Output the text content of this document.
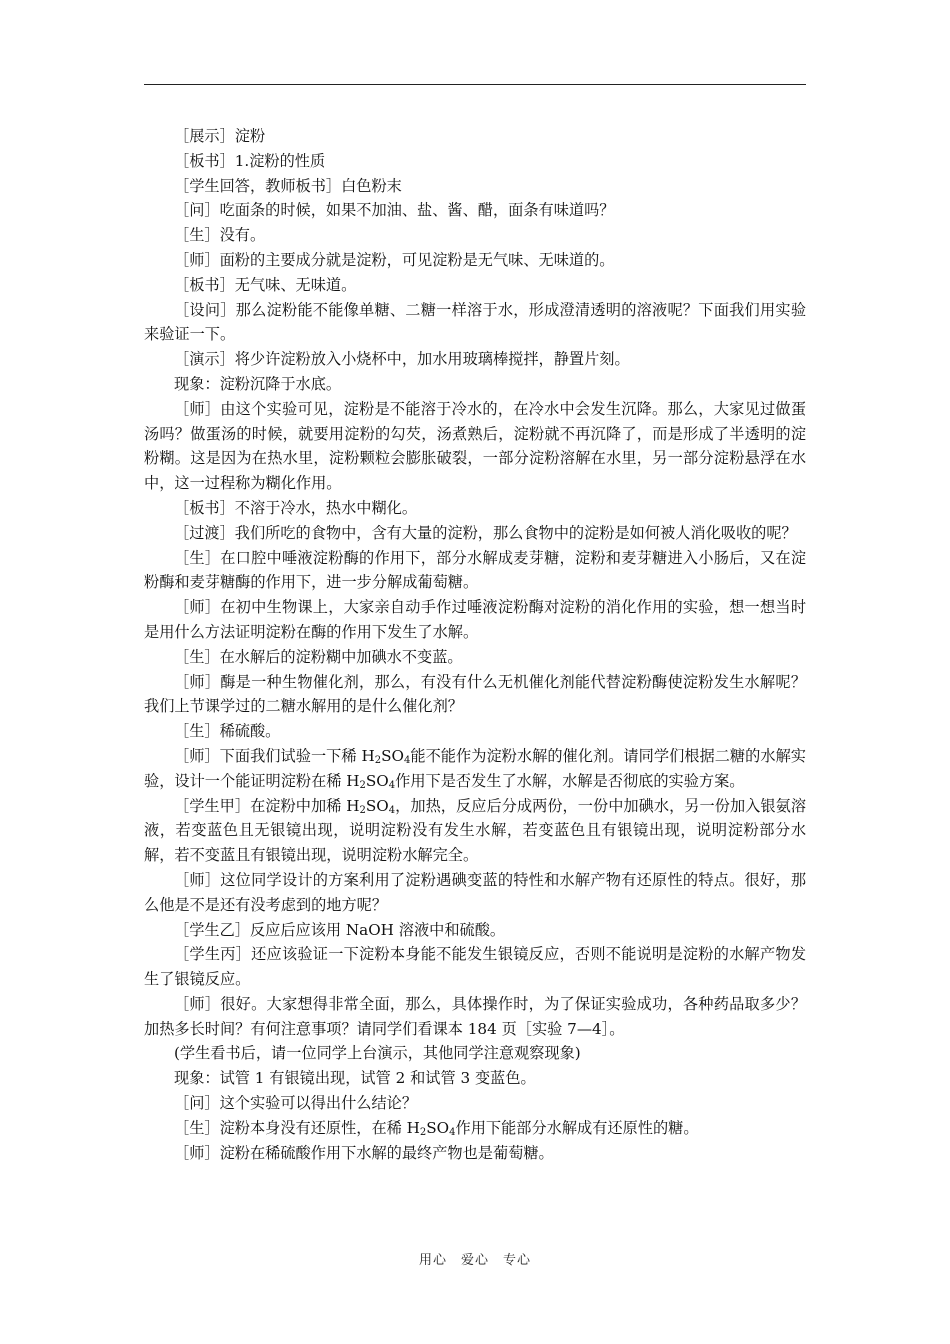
［展示］淀粉

［板书］1.淀粉的性质

［学生回答，教师板书］白色粉末

［问］吃面条的时候，如果不加油、盐、酱、醋，面条有味道吗？

［生］没有。

［师］面粉的主要成分就是淀粉，可见淀粉是无气味、无味道的。

［板书］无气味、无味道。

［设问］那么淀粉能不能像单糖、二糖一样溶于水，形成澄清透明的溶液呢？下面我们用实验来验证一下。

［演示］将少许淀粉放入小烧杯中，加水用玻璃棒搅拌，静置片刻。

现象：淀粉沉降于水底。

［师］由这个实验可见，淀粉是不能溶于冷水的，在冷水中会发生沉降。那么，大家见过做蛋汤吗？做蛋汤的时候，就要用淀粉的勾芡，汤煮熟后，淀粉就不再沉降了，而是形成了半透明的淀粉糊。这是因为在热水里，淀粉颗粒会膨胀破裂，一部分淀粉溶解在水里，另一部分淀粉悬浮在水中，这一过程称为糊化作用。

［板书］不溶于冷水，热水中糊化。

［过渡］我们所吃的食物中，含有大量的淀粉，那么食物中的淀粉是如何被人消化吸收的呢？

［生］在口腔中唾液淀粉酶的作用下，部分水解成麦芽糖，淀粉和麦芽糖进入小肠后，又在淀粉酶和麦芽糖酶的作用下，进一步分解成葡萄糖。

［师］在初中生物课上，大家亲自动手作过唾液淀粉酶对淀粉的消化作用的实验，想一想当时是用什么方法证明淀粉在酶的作用下发生了水解。

［生］在水解后的淀粉糊中加碘水不变蓝。

［师］酶是一种生物催化剂，那么，有没有什么无机催化剂能代替淀粉酶使淀粉发生水解呢？我们上节课学过的二糖水解用的是什么催化剂？

［生］稀硫酸。

［师］下面我们试验一下稀 $H_2SO_4$能不能作为淀粉水解的催化剂。请同学们根据二糖的水解实验，设计一个能证明淀粉在稀 $H_2SO_4$作用下是否发生了水解，水解是否彻底的实验方案。

［学生甲］在淀粉中加稀 $H_2SO_4$，加热，反应后分成两份，一份中加碘水，另一份加入银氨溶液，若变蓝色且无银镜出现，说明淀粉没有发生水解，若变蓝色且有银镜出现，说明淀粉部分水解，若不变蓝且有银镜出现，说明淀粉水解完全。

［师］这位同学设计的方案利用了淀粉遇碘变蓝的特性和水解产物有还原性的特点。很好，那么他是不是还有没考虑到的地方呢？

［学生乙］反应后应该用 NaOH 溶液中和硫酸。

［学生丙］还应该验证一下淀粉本身能不能发生银镜反应，否则不能说明是淀粉的水解产物发生了银镜反应。

［师］很好。大家想得非常全面，那么，具体操作时，为了保证实验成功，各种药品取多少？加热多长时间？有何注意事项？请同学们看课本 184 页［实验 7—4］。

(学生看书后，请一位同学上台演示，其他同学注意观察现象)

现象：试管 1 有银镜出现，试管 2 和试管 3 变蓝色。

［问］这个实验可以得出什么结论？

［生］淀粉本身没有还原性，在稀 $H_2SO_4$作用下能部分水解成有还原性的糖。

［师］淀粉在稀硫酸作用下水解的最终产物也是葡萄糖。

用心　爱心　专心
